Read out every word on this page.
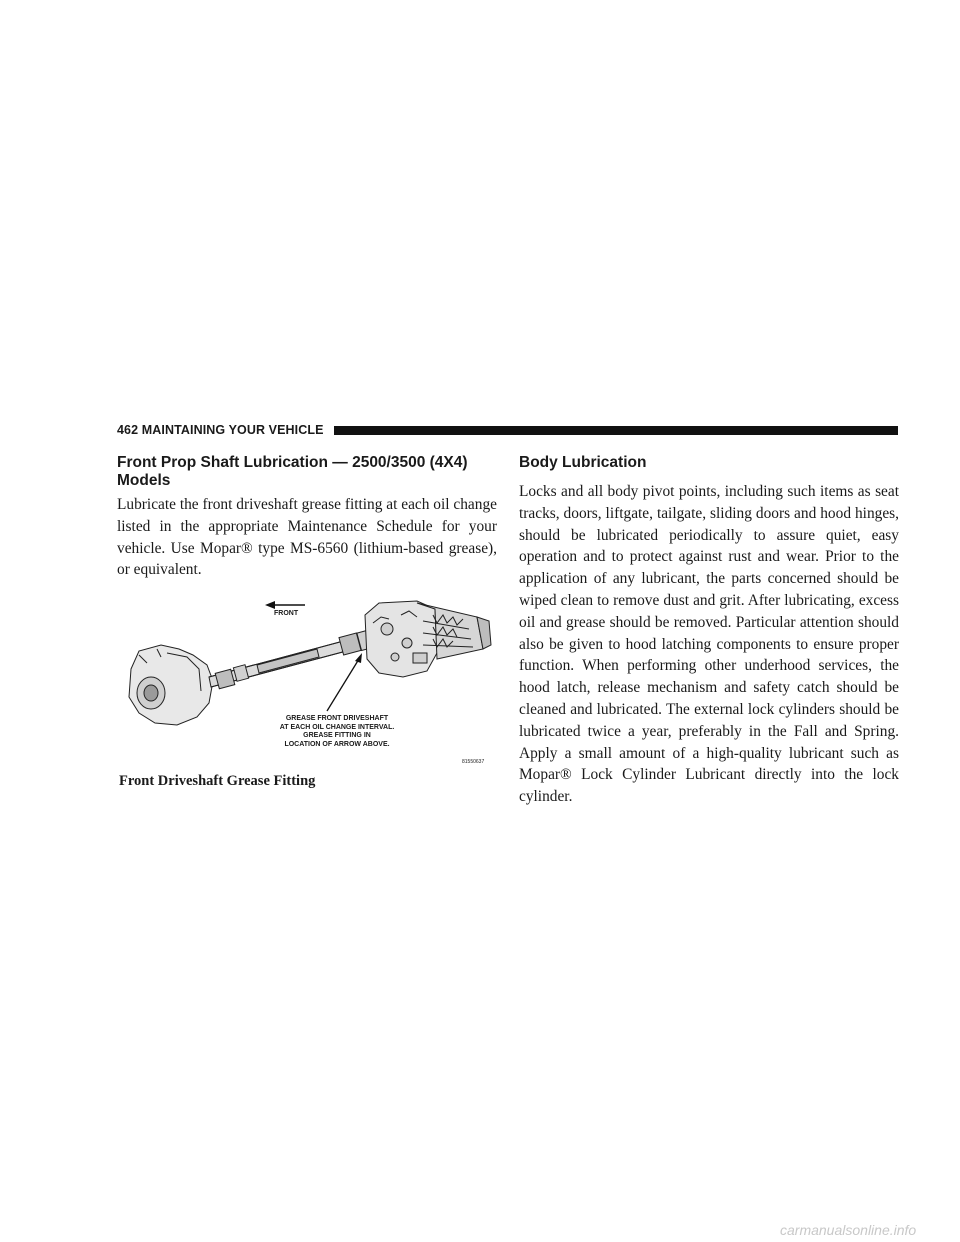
462 MAINTAINING YOUR VEHICLE
Front Prop Shaft Lubrication — 2500/3500 (4X4) Models

Lubricate the front driveshaft grease fitting at each oil change listed in the appropriate Maintenance Schedule for your vehicle. Use Mopar® type MS-6560 (lithium-based grease), or equivalent.

FRONT
GREASE FRONT DRIVESHAFT
AT EACH OIL CHANGE INTERVAL.
GREASE FITTING IN
LOCATION OF ARROW ABOVE.
81550637
Front Driveshaft Grease Fitting
Body Lubrication

Locks and all body pivot points, including such items as seat tracks, doors, liftgate, tailgate, sliding doors and hood hinges, should be lubricated periodically to assure quiet, easy operation and to protect against rust and wear. Prior to the application of any lubricant, the parts concerned should be wiped clean to remove dust and grit. After lubricating, excess oil and grease should be removed. Particular attention should also be given to hood latching components to ensure proper function. When performing other underhood services, the hood latch, release mechanism and safety catch should be cleaned and lubricated. The external lock cylinders should be lubricated twice a year, preferably in the Fall and Spring. Apply a small amount of a high-quality lubricant such as Mopar® Lock Cylinder Lubricant directly into the lock cylinder.

carmanualsonline.info
